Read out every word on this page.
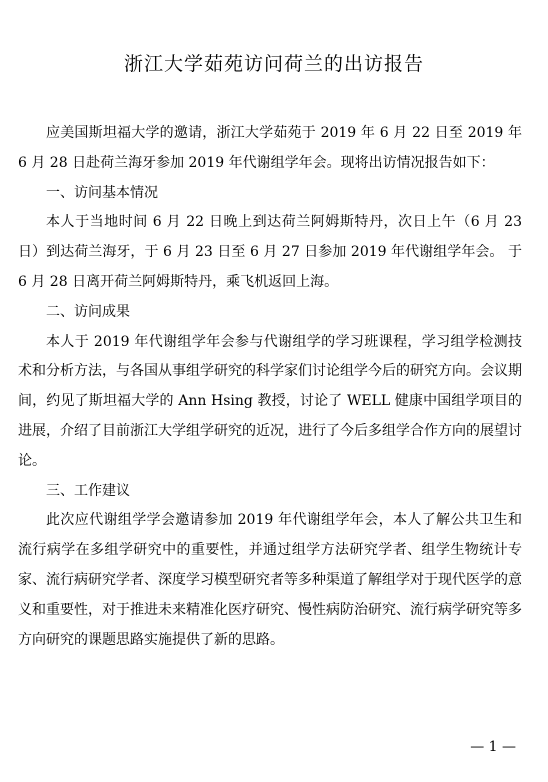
浙江大学茹苑访问荷兰的出访报告

应美国斯坦福大学的邀请，浙江大学茹苑于 2019 年 6 月 22 日至 2019 年 6 月 28 日赴荷兰海牙参加 2019 年代谢组学年会。现将出访情况报告如下：

一、访问基本情况

本人于当地时间 6 月 22 日晚上到达荷兰阿姆斯特丹，次日上午（6 月 23 日）到达荷兰海牙，于 6 月 23 日至 6 月 27 日参加 2019 年代谢组学年会。 于 6 月 28 日离开荷兰阿姆斯特丹，乘飞机返回上海。

二、访问成果

本人于 2019 年代谢组学年会参与代谢组学的学习班课程，学习组学检测技术和分析方法，与各国从事组学研究的科学家们讨论组学今后的研究方向。会议期间，约见了斯坦福大学的 Ann Hsing 教授，讨论了 WELL 健康中国组学项目的进展，介绍了目前浙江大学组学研究的近况，进行了今后多组学合作方向的展望讨论。

三、工作建议

此次应代谢组学学会邀请参加 2019 年代谢组学年会，本人了解公共卫生和流行病学在多组学研究中的重要性，并通过组学方法研究学者、组学生物统计专家、流行病研究学者、深度学习模型研究者等多种渠道了解组学对于现代医学的意义和重要性，对于推进未来精准化医疗研究、慢性病防治研究、流行病学研究等多方向研究的课题思路实施提供了新的思路。

— 1 —
